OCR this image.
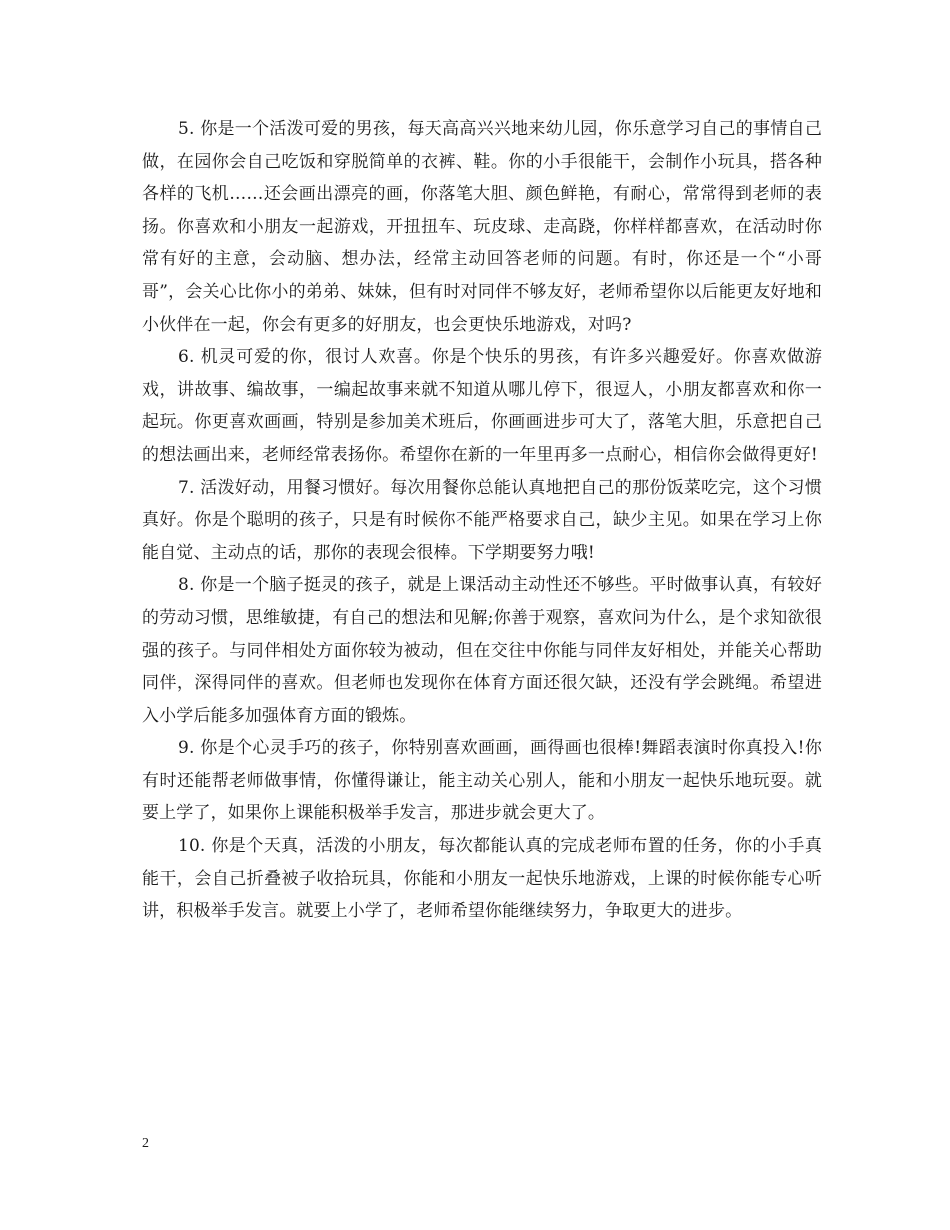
5. 你是一个活泼可爱的男孩，每天高高兴兴地来幼儿园，你乐意学习自己的事情自己做，在园你会自己吃饭和穿脱简单的衣裤、鞋。你的小手很能干，会制作小玩具，搭各种各样的飞机……还会画出漂亮的画，你落笔大胆、颜色鲜艳，有耐心，常常得到老师的表扬。你喜欢和小朋友一起游戏，开扭扭车、玩皮球、走高跷，你样样都喜欢，在活动时你常有好的主意，会动脑、想办法，经常主动回答老师的问题。有时，你还是一个“小哥哥”，会关心比你小的弟弟、妹妹，但有时对同伴不够友好，老师希望你以后能更友好地和小伙伴在一起，你会有更多的好朋友，也会更快乐地游戏，对吗?

6. 机灵可爱的你，很讨人欢喜。你是个快乐的男孩，有许多兴趣爱好。你喜欢做游戏，讲故事、编故事，一编起故事来就不知道从哪儿停下，很逗人，小朋友都喜欢和你一起玩。你更喜欢画画，特别是参加美术班后，你画画进步可大了，落笔大胆，乐意把自己的想法画出来，老师经常表扬你。希望你在新的一年里再多一点耐心，相信你会做得更好!

7. 活泼好动，用餐习惯好。每次用餐你总能认真地把自己的那份饭菜吃完，这个习惯真好。你是个聪明的孩子，只是有时候你不能严格要求自己，缺少主见。如果在学习上你能自觉、主动点的话，那你的表现会很棒。下学期要努力哦!

8. 你是一个脑子挺灵的孩子，就是上课活动主动性还不够些。平时做事认真，有较好的劳动习惯，思维敏捷，有自己的想法和见解;你善于观察，喜欢问为什么，是个求知欲很强的孩子。与同伴相处方面你较为被动，但在交往中你能与同伴友好相处，并能关心帮助同伴，深得同伴的喜欢。但老师也发现你在体育方面还很欠缺，还没有学会跳绳。希望进入小学后能多加强体育方面的锻炼。

9. 你是个心灵手巧的孩子，你特别喜欢画画，画得画也很棒!舞蹈表演时你真投入!你有时还能帮老师做事情，你懂得谦让，能主动关心别人，能和小朋友一起快乐地玩耍。就要上学了，如果你上课能积极举手发言，那进步就会更大了。

10. 你是个天真，活泼的小朋友，每次都能认真的完成老师布置的任务，你的小手真能干，会自己折叠被子收拾玩具，你能和小朋友一起快乐地游戏，上课的时候你能专心听讲，积极举手发言。就要上小学了，老师希望你能继续努力，争取更大的进步。

2
